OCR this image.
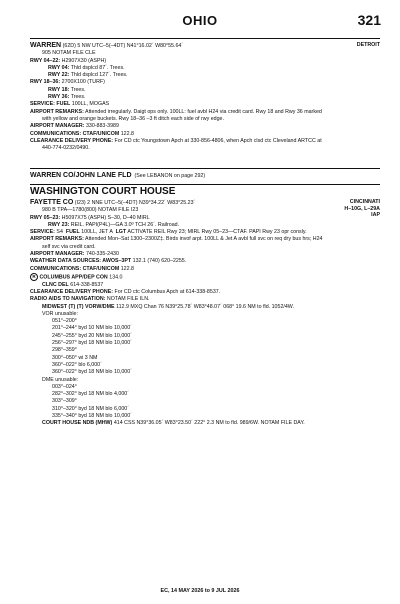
OHIO	321
DETROIT
WARREN (62D) 5 NW UTC–5(–4DT) N41°16.02´ W80°55.64´
905 NOTAM FILE CLE
RWY 04–22: H2907X30 (ASPH)
RWY 04: Thld dsplcd 87´. Trees.
RWY 22: Thld dsplcd 127´. Trees.
RWY 18–36: 2700X100 (TURF)
RWY 18: Trees.
RWY 36: Trees.
SERVICE: FUEL 100LL, MOGAS
AIRPORT REMARKS: Attended irregularly. Daigt ops only. 100LL: fuel avbl H24 via credit card. Rwy 18 and Rwy 36 marked
with yellow and orange buckets. Rwy 18–36 –3 ft ditch each side of rwy edge.
AIRPORT MANAGER: 330-883-3989
COMMUNICATIONS: CTAF/UNICOM 122.8
CLEARANCE DELIVERY PHONE: For CD ctc Youngstown Apch at 330-856-4806, when Apch clsd ctc Cleveland ARTCC at
440-774-0232/0490.
WARREN CO/JOHN LANE FLD (See LEBANON on page 292)
WASHINGTON COURT HOUSE
CINCINNATI
H–10G, L–29A
IAP
FAYETTE CO (I23) 2 NNE UTC–5(–4DT) N39°34.22´ W83°25.23´
980 B TPA—1780(800) NOTAM FILE I23
RWY 05–23: H5097X75 (ASPH) S–30, D–40 MIRL
RWY 23: REIL. PAPI(P4L)—GA 3.0º TCH 26´. Railroad.
SERVICE: S4 FUEL 100LL, JET A LGT ACTIVATE REIL Rwy 23; MIRL Rwy 05–23—CTAF. PAPI Rwy 23 opr consly.
AIRPORT REMARKS: Attended Mon–Sat 1300–2300Z‡. Birds invof arpt. 100LL & Jet A avbl full svc on req dry bus hrs; H24
self svc via credit card.
AIRPORT MANAGER: 740-335-2430
WEATHER DATA SOURCES: AWOS–3PT 132.1 (740) 620–2255.
COMMUNICATIONS: CTAF/UNICOM 122.8
R COLUMBUS APP/DEP CON 134.0
CLNC DEL 614-338-8537
CLEARANCE DELIVERY PHONE: For CD ctc Columbus Apch at 614-338-8537.
RADIO AIDS TO NAVIGATION: NOTAM FILE ILN.
MIDWEST (T) (T) VORW/DME 112.9 MXQ Chan 76 N39°25.78´ W83°48.07´ 068° 19.6 NM to fld. 1052/4W.
VOR unusable:
051°–200°
201°–244° byd 10 NM blo 10,000´
245°–255° byd 20 NM blo 10,000´
256°–297° byd 18 NM blo 10,000´
298°–359°
300°–050° wi 3 NM
360°–022° blo 6,000´
360°–022° byd 18 NM blo 10,000´
DME unusable:
003°–024°
282°–302° byd 18 NM blo 4,000´
303°–309°
310°–320° byd 18 NM blo 6,000´
335°–340° byd 18 NM blo 10,000´
COURT HOUSE NDB (MHW) 414 CSS N39°36.05´ W83°23.50´ 222° 2.3 NM to fld. 989/6W. NOTAM FILE DAY.
EC, 14 MAY 2026 to 9 JUL 2026
